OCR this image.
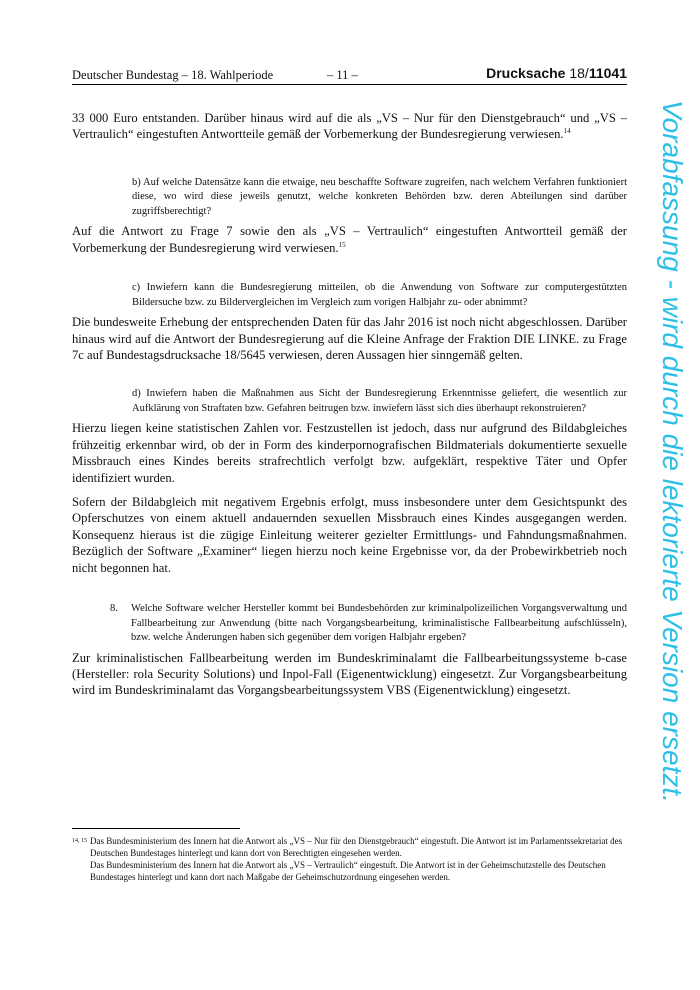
Deutscher Bundestag – 18. Wahlperiode	– 11 –	Drucksache 18/11041

33 000 Euro entstanden. Darüber hinaus wird auf die als „VS – Nur für den Dienstgebrauch“ und „VS – Vertraulich“ eingestuften Antwortteile gemäß der Vorbemerkung der Bundesregierung verwiesen.$^{14}$

b) Auf welche Datensätze kann die etwaige, neu beschaffte Software zugreifen, nach welchem Verfahren funktioniert diese, wo wird diese jeweils genutzt, welche konkreten Behörden bzw. deren Abteilungen sind darüber zugriffsberechtigt?

Auf die Antwort zu Frage 7 sowie den als „VS – Vertraulich“ eingestuften Antwortteil gemäß der Vorbemerkung der Bundesregierung wird verwiesen.$^{15}$

c) Inwiefern kann die Bundesregierung mitteilen, ob die Anwendung von Software zur computergestützten Bildersuche bzw. zu Bildervergleichen im Vergleich zum vorigen Halbjahr zu- oder abnimmt?

Die bundesweite Erhebung der entsprechenden Daten für das Jahr 2016 ist noch nicht abgeschlossen. Darüber hinaus wird auf die Antwort der Bundesregierung auf die Kleine Anfrage der Fraktion DIE LINKE. zu Frage 7c auf Bundestagsdrucksache 18/5645 verwiesen, deren Aussagen hier sinngemäß gelten.

d) Inwiefern haben die Maßnahmen aus Sicht der Bundesregierung Erkenntnisse geliefert, die wesentlich zur Aufklärung von Straftaten bzw. Gefahren beitrugen bzw. inwiefern lässt sich dies überhaupt rekonstruieren?

Hierzu liegen keine statistischen Zahlen vor. Festzustellen ist jedoch, dass nur aufgrund des Bildabgleiches frühzeitig erkennbar wird, ob der in Form des kinderpornografischen Bildmaterials dokumentierte sexuelle Missbrauch eines Kindes bereits strafrechtlich verfolgt bzw. aufgeklärt, respektive Täter und Opfer identifiziert wurden.

Sofern der Bildabgleich mit negativem Ergebnis erfolgt, muss insbesondere unter dem Gesichtspunkt des Opferschutzes von einem aktuell andauernden sexuellen Missbrauch eines Kindes ausgegangen werden. Konsequenz hieraus ist die zügige Einleitung weiterer gezielter Ermittlungs- und Fahndungsmaßnahmen. Bezüglich der Software „Examiner“ liegen hierzu noch keine Ergebnisse vor, da der Probewirkbetrieb noch nicht begonnen hat.

8.	Welche Software welcher Hersteller kommt bei Bundesbehörden zur kriminalpolizeilichen Vorgangsverwaltung und Fallbearbeitung zur Anwendung (bitte nach Vorgangsbearbeitung, kriminalistische Fallbearbeitung aufschlüsseln), bzw. welche Änderungen haben sich gegenüber dem vorigen Halbjahr ergeben?

Zur kriminalistischen Fallbearbeitung werden im Bundeskriminalamt die Fallbearbeitungssysteme b-case (Hersteller: rola Security Solutions) und Inpol-Fall (Eigenentwicklung) eingesetzt. Zur Vorgangsbearbeitung wird im Bundeskriminalamt das Vorgangsbearbeitungssystem VBS (Eigenentwicklung) eingesetzt.

14, 15 Das Bundesministerium des Innern hat die Antwort als „VS – Nur für den Dienstgebrauch“ eingestuft. Die Antwort ist im Parlamentssekretariat des Deutschen Bundestages hinterlegt und kann dort von Berechtigten eingesehen werden.
Das Bundesministerium des Innern hat die Antwort als „VS – Vertraulich“ eingestuft. Die Antwort ist in der Geheimschutzstelle des Deutschen Bundestages hinterlegt und kann dort nach Maßgabe der Geheimschutzordnung eingesehen werden.
Vorabfassung - wird durch die lektorierte Version ersetzt.
